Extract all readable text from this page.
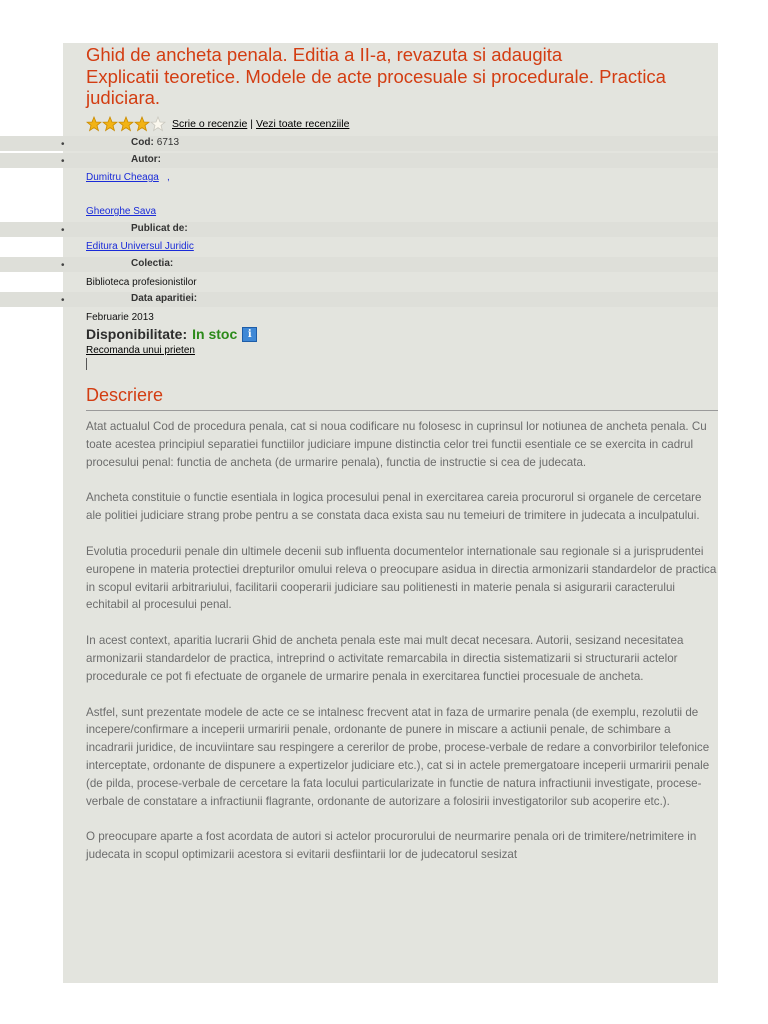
Ghid de ancheta penala. Editia a II-a, revazuta si adaugita
Explicatii teoretice. Modele de acte procesuale si procedurale. Practica
judiciara.
Scrie o recenzie | Vezi toate recenziile
•	Cod: 6713
•	Autor:
Dumitru Cheaga ,
Gheorghe Sava
•	Publicat de:
Editura Universul Juridic
•	Colectia:
Biblioteca profesionistilor
•	Data aparitiei:
Februarie 2013
Disponibilitate: In stoc	i
Recomanda unui prieten
Descriere

Atat actualul Cod de procedura penala, cat si noua codificare nu folosesc in cuprinsul lor notiunea de ancheta penala. Cu toate acestea principiul separatiei functiilor judiciare impune distinctia celor trei functii esentiale ce se exercita in cadrul procesului penal: functia de ancheta (de urmarire penala), functia de instructie si cea de judecata.

Ancheta constituie o functie esentiala in logica procesului penal in exercitarea careia procurorul si organele de cercetare ale politiei judiciare strang probe pentru a se constata daca exista sau nu temeiuri de trimitere in judecata a inculpatului.

Evolutia procedurii penale din ultimele decenii sub influenta documentelor internationale sau regionale si a jurisprudentei europene in materia protectiei drepturilor omului releva o preocupare asidua in directia armonizarii standardelor de practica in scopul evitarii arbitrariului, facilitarii cooperarii judiciare sau politienesti in materie penala si asigurarii caracterului echitabil al procesului penal.

In acest context, aparitia lucrarii Ghid de ancheta penala este mai mult decat necesara. Autorii, sesizand necesitatea armonizarii standardelor de practica, intreprind o activitate remarcabila in directia sistematizarii si structurarii actelor procedurale ce pot fi efectuate de organele de urmarire penala in exercitarea functiei procesuale de ancheta.

Astfel, sunt prezentate modele de acte ce se intalnesc frecvent atat in faza de urmarire penala (de exemplu, rezolutii de incepere/confirmare a inceperii urmaririi penale, ordonante de punere in miscare a actiunii penale, de schimbare a incadrarii juridice, de incuviintare sau respingere a cererilor de probe, procese-verbale de redare a convorbirilor telefonice interceptate, ordonante de dispunere a expertizelor judiciare etc.), cat si in actele premergatoare inceperii urmaririi penale (de pilda, procese-verbale de cercetare la fata locului particularizate in functie de natura infractiunii investigate, procese-verbale de constatare a infractiunii flagrante, ordonante de autorizare a folosirii investigatorilor sub acoperire etc.).

O preocupare aparte a fost acordata de autori si actelor procurorului de neurmarire penala ori de trimitere/netrimitere in judecata in scopul optimizarii acestora si evitarii desfiintarii lor de judecatorul sesizat
